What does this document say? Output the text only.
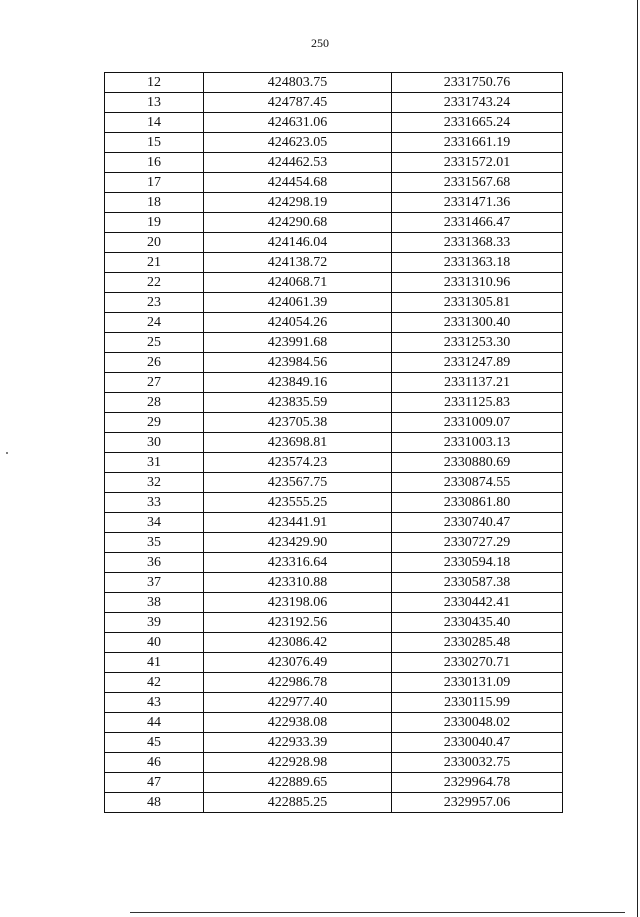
250
12	424803.75	2331750.76
13	424787.45	2331743.24
14	424631.06	2331665.24
15	424623.05	2331661.19
16	424462.53	2331572.01
17	424454.68	2331567.68
18	424298.19	2331471.36
19	424290.68	2331466.47
20	424146.04	2331368.33
21	424138.72	2331363.18
22	424068.71	2331310.96
23	424061.39	2331305.81
24	424054.26	2331300.40
25	423991.68	2331253.30
26	423984.56	2331247.89
27	423849.16	2331137.21
28	423835.59	2331125.83
29	423705.38	2331009.07
30	423698.81	2331003.13
31	423574.23	2330880.69
32	423567.75	2330874.55
33	423555.25	2330861.80
34	423441.91	2330740.47
35	423429.90	2330727.29
36	423316.64	2330594.18
37	423310.88	2330587.38
38	423198.06	2330442.41
39	423192.56	2330435.40
40	423086.42	2330285.48
41	423076.49	2330270.71
42	422986.78	2330131.09
43	422977.40	2330115.99
44	422938.08	2330048.02
45	422933.39	2330040.47
46	422928.98	2330032.75
47	422889.65	2329964.78
48	422885.25	2329957.06
